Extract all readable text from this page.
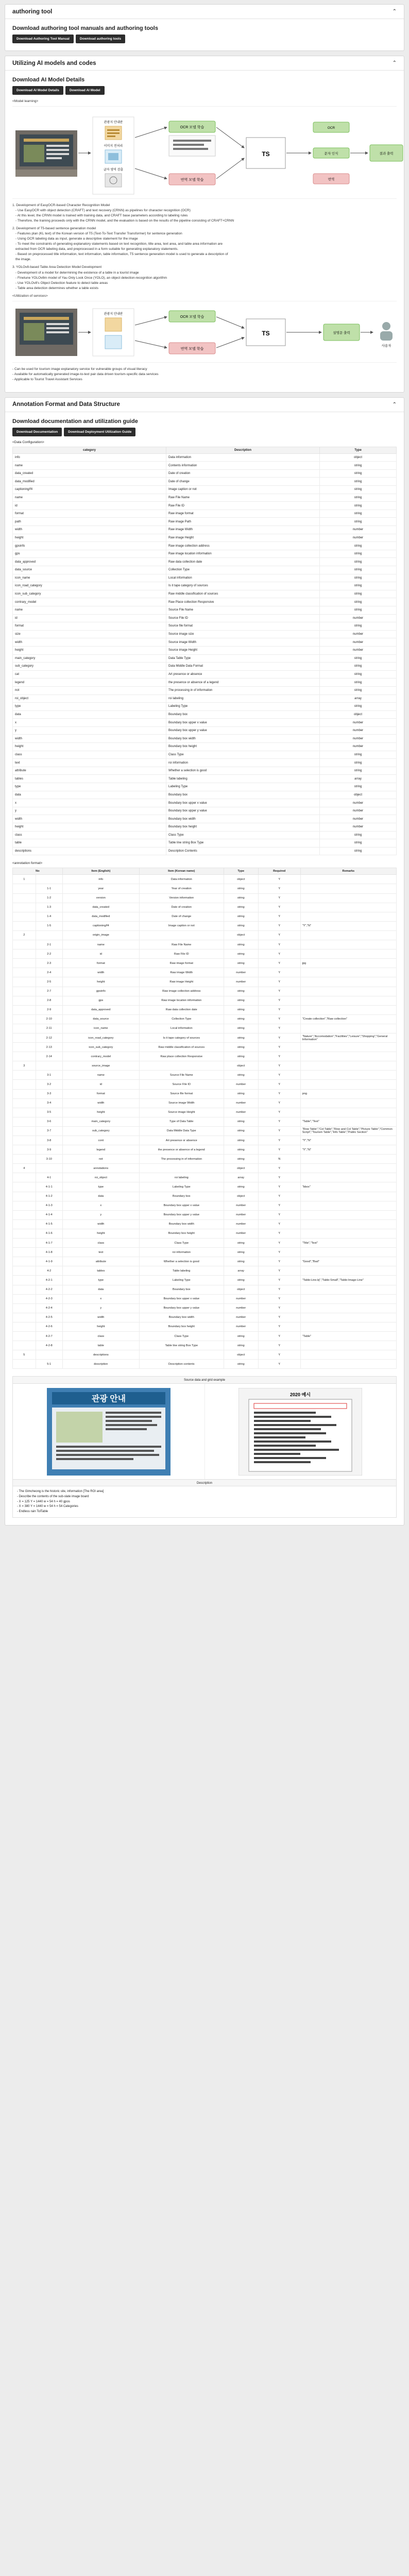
authoring tool	⌃
Download authoring tool manuals and authoring tools
Download Authoring Tool Manual	Download authoring tools
Utilizing AI models and codes	⌃
Download AI Model Details
Download AI Model Details	Download AI Model
<Model learning>
관광지 안내판
이미지 전처리
글자 영역 검출
OCR 모델 학습
번역 모델 학습
TS
OCR
문자 인식
번역
결과 출력

1. Development of EasyOCR-based Character Recognition Model

- Use EasyOCR with object detection (CRAFT) and text recovery (CRNN) as pipelines for character recognition (OCR)

- At this level, the CRNN model is trained with training data, and CRAFT base parameters according to labeling rules

- Therefore, the training proceeds only with the CRNN model, and the evaluation is based on the results of the pipeline consisting of CRAFT+CRNN

2. Development of T5-based sentence generation model

- Features plan (KL text) of the Korean version of T5 (Text-To-Text Transfer Transformer) for sentence generation

- Using OCR labeling data as input, generate a descriptive statement for the image

- To meet the constraints of generating explanatory statements based on text recognition, title area, text area, and table area information are

extracted from OCR labeling data, and preprocessed in a form suitable for generating explanatory statements.

- Based on preprocessed title information, text information, table information, T5 sentence generation model is used to generate a description of

the image.

3. YOLOv8-based Table Area Detection Model Development

- Development of a model for determining the existence of a table in a tourist image

- Finetune YOLOv8m model of Yau Only Look Once (YOLO), an object detection-recognition algorithm

- Use YOLOv8's Object Detection feature to detect table areas

- Table area detection determines whether a table exists

<Utilization of services>
관광지 안내판
OCR 모델 학습
번역 모델 학습
TS	설명문 출력
사용자

- Can be used for tourism image explanatory service for vulnerable groups of visual literacy

- Available for automatically generated image-to-text pair data driven tourism-specific data services

- Applicable to Tourist Travel Assistant Services

Annotation Format and Data Structure	⌃
Download documentation and utilization guide
Download Documentation	Download Deployment Utilization Guide
<Data Configuration>
category	Description	Type
info	Data information	object
name	Contents information	string
data_created	Date of creation	string
data_modified	Date of change	string
captioning/f4	Image caption or not	string
name	Raw File Name	string
id	Raw File ID	string
format	Raw image format	string
path	Raw image Path	string
width	Raw image Width	number
height	Raw image Height	number
gpsinfo	Raw image collection address	string
gps	Raw image location information	string
data_approved	Raw data collection date	string
data_source	Collection Type	string
icon_name	Local information	string
icon_road_category	Is it tape category of sources	string
icon_sub_category	Raw middle classification of sources	string
contrary_model	Raw Place collection Responsive	string
name	Source File Name	string
id	Source File ID	number
format	Source file format	string
size	Source image size	number
width	Source image Width	number
height	Source image Height	number
main_category	Data Table Type	string
sub_category	Data Middle Data Format	string
cat	Art presence or absence	string
legend	the presence or absence of a legend	string
not	The processing in of information	string
roi_object	roi labeling	array
type	Labeling Type	string
data	Boundary box	object
x	Boundary box upper x value	number
y	Boundary box upper y value	number
width	Boundary box width	number
height	Boundary box height	number
class	Class Type	string
text	roi information	string
attribute	Whether a selection is good	string
tables	Table labeling	array
type	Labeling Type	string
data	Boundary box	object
x	Boundary box upper x value	number
y	Boundary box upper y value	number
width	Boundary box width	number
height	Boundary box height	number
class	Class Type	string
table	Table line string Box Type	string
descriptions	Description Contents	string
<annotation format>
No		Item (English)	Item (Korean name)	Type	Required	Remarks
1		info	Data information	object	Y	
	1-1	year	Year of creation	string	Y	
	1-2	version	Version information	string	Y	
	1-3	data_created	Date of creation	string	Y	
	1-4	data_modified	Date of change	string	Y	
	1-5	captioning/f4	Image caption or not	string	Y	"Y","N"
2		origin_image		object	Y	
	2-1	name	Raw File Name	string	Y	
	2-2	id	Raw File ID	string	Y	
	2-3	format	Raw image format	string	Y	jpg
	2-4	width	Raw image Width	number	Y	
	2-5	height	Raw image Height	number	Y	
	2-7	gpsinfo	Raw image collection address	string	Y	
	2-8	gps	Raw image location information	string	Y	
	2-9	data_approved	Raw data collection date	string	Y	
	2-10	data_source	Collection Type	string	Y	"Create collection","Raw collection"
	2-11	icon_name	Local information	string	Y	
	2-12	icon_road_category	Is it tape category of sources	string	Y	"Nature","Accomodation","Facilities","Leisure","Shopping","General Information"
	2-13	icon_sub_category	Raw middle classification of sources	string	Y	
	2-14	contrary_model	Raw place collection Responsive	string	Y	
3		source_image		object	Y	
	3-1	name	Source File Name	string	Y	
	3-2	id	Source File ID	number	Y	
	3-3	format	Source file format	string	Y	png
	3-4	width	Source image Width	number	Y	
	3-5	height	Source image Height	number	Y	
	3-6	main_category	Type of Data Table	string	Y	"Table","Text"
	3-7	sub_category	Data Middle Data Type	string	Y	"Row Table","Col Table","Row and Col Table","Picture Table","Common Script","Tourism Table","Info Table","Public Section"
	3-8	cont	Art presence or absence	string	Y	"Y","N"
	3-9	legend	the presence or absence of a legend	string	Y	"Y","N"
	3-10	not	The processing in of information	string	N	
4		annotations		object	Y	
	4-1	roi_object	roi labeling	array	Y	
	4-1-1	type	Labeling Type	string	Y	"bbox"
	4-1-2	data	Boundary box	object	Y	
	4-1-3	x	Boundary box upper x value	number	Y	
	4-1-4	y	Boundary box upper y value	number	Y	
	4-1-5	width	Boundary box width	number	Y	
	4-1-6	height	Boundary box height	number	Y	
	4-1-7	class	Class Type	string	Y	"Title","Text"
	4-1-8	text	roi information	string	Y	
	4-1-9	attribute	Whether a selection is good	string	Y	"Good","Bad"
	4-2	tables	Table labeling	array	Y	
	4-2-1	type	Labeling Type	string	Y	"Table-Line.bj","Table-Small","Table-Image-Line"
	4-2-2	data	Boundary box	object	Y	
	4-2-3	x	Boundary box upper x value	number	Y	
	4-2-4	y	Boundary box upper y value	number	Y	
	4-2-5	width	Boundary box width	number	Y	
	4-2-6	height	Boundary box height	number	Y	
	4-2-7	class	Class Type	string	Y	"Table"
	4-2-8	table	Table line string Box Type	string	Y	
5		descriptions		object	Y	
	5-1	description	Description contents	string	Y	
Source data and grid example
관광 안내	2020 예시
Description
- The Gimcheong is the historic site, information [The ROI area]
- Describe the contents of the sub-slate image board
- X = 125 Y = 1440 w = 54 h = 40 gpos
- X = 380 Y = 1440 w = 54 h = 54 Categories
- Endless rain TolTable
